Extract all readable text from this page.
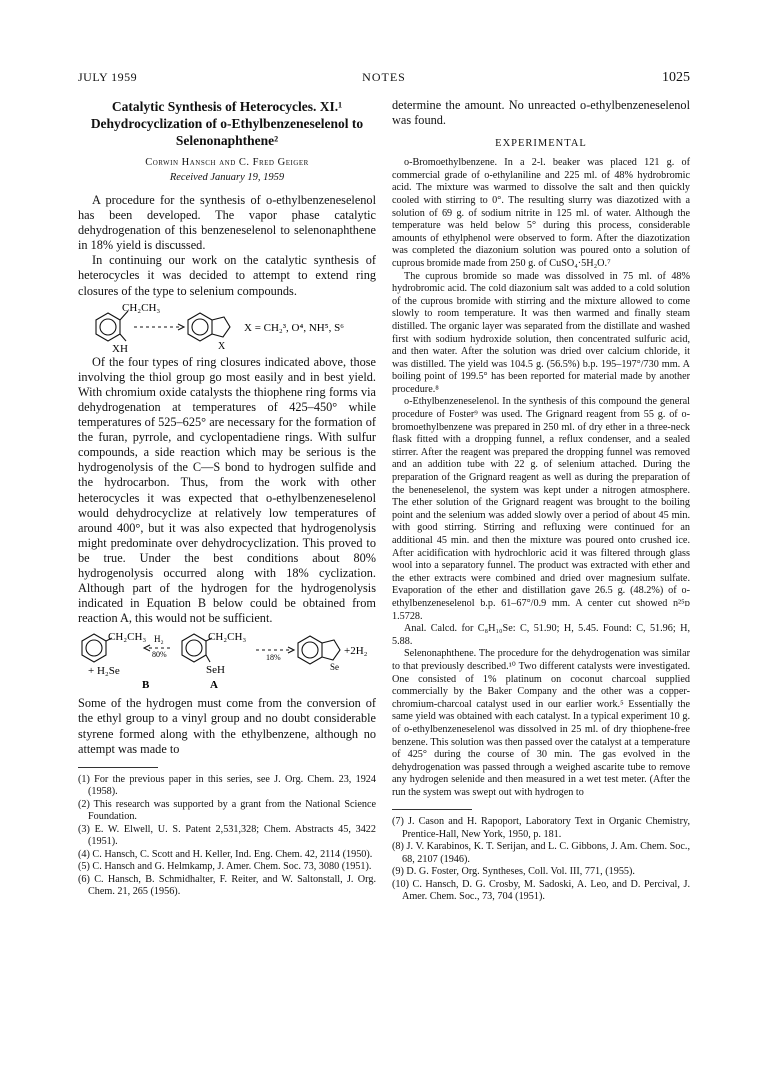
JULY 1959	NOTES	1025
Catalytic Synthesis of Heterocycles. XI.¹ Dehydrocyclization of o-Ethylbenzeneselenol to Selenonaphthene²
Corwin Hansch and C. Fred Geiger
Received January 19, 1959

A procedure for the synthesis of o-ethylbenzeneselenol has been developed. The vapor phase catalytic dehydrogenation of this benzeneselenol to selenonaphthene in 18% yield is discussed.

In continuing our work on the catalytic synthesis of heterocycles it was decided to attempt to extend ring closures of the type to selenium compounds.

CH₂CH₃
XH	X
X = CH₂³, O⁴, NH⁵, S⁶

Of the four types of ring closures indicated above, those involving the thiol group go most easily and in best yield. With chromium oxide catalysts the thiophene ring forms via dehydrogenation at temperatures of 425–450° while temperatures of 525–625° are necessary for the formation of the furan, pyrrole, and cyclopentadiene rings. With sulfur compounds, a side reaction which may be serious is the hydrogenolysis of the C—S bond to hydrogen sulfide and the hydrocarbon. Thus, from the work with other heterocycles it was expected that o-ethylbenzeneselenol would dehydrocyclize at relatively low temperatures of around 400°, but it was also expected that hydrogenolysis might predominate over dehydrocyclization. This proved to be true. Under the best conditions about 80% hydrogenolysis occurred along with 18% cyclization. Although part of the hydrogen for the hydrogenolysis indicated in Equation B below could be obtained from reaction A, this would not be sufficient.

CH₂CH₃ H₂
80%
+ H₂Se
CH₂CH₃
SeH
18%
Se
+2H₂
B	A

Some of the hydrogen must come from the conversion of the ethyl group to a vinyl group and no doubt considerable styrene formed along with the ethylbenzene, although no attempt was made to

(1) For the previous paper in this series, see J. Org. Chem. 23, 1924 (1958).

(2) This research was supported by a grant from the National Science Foundation.

(3) E. W. Elwell, U. S. Patent 2,531,328; Chem. Abstracts 45, 3422 (1951).

(4) C. Hansch, C. Scott and H. Keller, Ind. Eng. Chem. 42, 2114 (1950).

(5) C. Hansch and G. Helmkamp, J. Amer. Chem. Soc. 73, 3080 (1951).

(6) C. Hansch, B. Schmidhalter, F. Reiter, and W. Saltonstall, J. Org. Chem. 21, 265 (1956).

determine the amount. No unreacted o-ethylbenzeneselenol was found.

EXPERIMENTAL

o-Bromoethylbenzene. In a 2-l. beaker was placed 121 g. of commercial grade of o-ethylaniline and 225 ml. of 48% hydrobromic acid. The mixture was warmed to dissolve the salt and then quickly cooled with stirring to 0°. The resulting slurry was diazotized with a solution of 69 g. of sodium nitrite in 125 ml. of water. Although the temperature was held below 5° during this process, considerable amounts of ethylphenol were observed to form. After the diazotization was completed the diazonium solution was poured onto a solution of cuprous bromide made from 250 g. of CuSO₄·5H₂O.⁷

The cuprous bromide so made was dissolved in 75 ml. of 48% hydrobromic acid. The cold diazonium salt was added to a cold solution of the cuprous bromide with stirring and the mixture allowed to come slowly to room temperature. It was then warmed and finally steam distilled. The organic layer was separated from the distillate and washed first with sodium hydroxide solution, then concentrated sulfuric acid, and then water. After the solution was dried over calcium chloride, it was distilled. The yield was 104.5 g. (56.5%) b.p. 195–197°/730 mm. A boiling point of 199.5° has been reported for material made by another procedure.⁸

o-Ethylbenzeneselenol. In the synthesis of this compound the general procedure of Foster⁹ was used. The Grignard reagent from 55 g. of o-bromoethylbenzene was prepared in 250 ml. of dry ether in a three-neck flask fitted with a dropping funnel, a reflux condenser, and a sealed stirrer. After the reagent was prepared the dropping funnel was removed and an addition tube with 22 g. of selenium attached. During the preparation of the Grignard reagent as well as during the preparation of the beneneselenol, the system was kept under a nitrogen atmosphere. The ether solution of the Grignard reagent was brought to the boiling point and the selenium was added slowly over a period of about 45 min. with good stirring. Stirring and refluxing were continued for an additional 45 min. and then the mixture was poured onto crushed ice. After acidification with hydrochloric acid it was filtered through glass wool into a separatory funnel. The product was extracted with ether and the ether extracts were combined and dried over magnesium sulfate. Evaporation of the ether and distillation gave 26.5 g. (48.2%) of o-ethylbenzeneselenol b.p. 61–67°/0.9 mm. A center cut showed n²⁵ᴅ 1.5728.

Anal. Calcd. for C₈H₁₀Se: C, 51.90; H, 5.45. Found: C, 51.96; H, 5.88.

Selenonaphthene. The procedure for the dehydrogenation was similar to that previously described.¹⁰ Two different catalysts were investigated. One consisted of 1% platinum on coconut charcoal supplied commercially by the Baker Company and the other was a copper-chromium-charcoal catalyst used in our earlier work.⁵ Essentially the same yield was obtained with each catalyst. In a typical experiment 10 g. of o-ethylbenzeneselenol was dissolved in 25 ml. of dry thiophene-free benzene. This solution was then passed over the catalyst at a temperature of 425° during the course of 30 min. The gas evolved in the dehydrogenation was passed through a weighed ascarite tube to remove any hydrogen selenide and then measured in a wet test meter. (After the run the system was swept out with hydrogen to

(7) J. Cason and H. Rapoport, Laboratory Text in Organic Chemistry, Prentice-Hall, New York, 1950, p. 181.

(8) J. V. Karabinos, K. T. Serijan, and L. C. Gibbons, J. Am. Chem. Soc., 68, 2107 (1946).

(9) D. G. Foster, Org. Syntheses, Coll. Vol. III, 771, (1955).

(10) C. Hansch, D. G. Crosby, M. Sadoski, A. Leo, and D. Percival, J. Amer. Chem. Soc., 73, 704 (1951).
